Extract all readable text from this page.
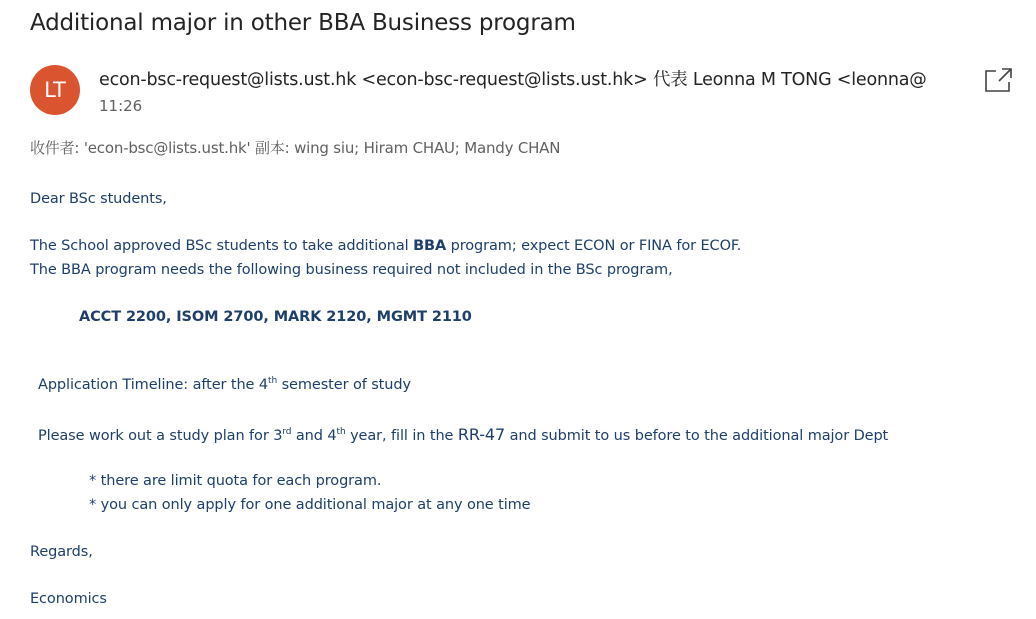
Additional major in other BBA Business program
LT econ-bsc-request@lists.ust.hk <econ-bsc-request@lists.ust.hk> 代表 Leonna M TONG <leonna@
11:26
收件者: 'econ-bsc@lists.ust.hk' 副本: wing siu; Hiram CHAU; Mandy CHAN
Dear BSc students,
The School approved BSc students to take additional BBA program; expect ECON or FINA for ECOF.
The BBA program needs the following business required not included in the BSc program,
ACCT 2200, ISOM 2700, MARK 2120, MGMT 2110
Application Timeline: after the 4th semester of study
Please work out a study plan for 3rd and 4th year, fill in the RR-47 and submit to us before to the additional major Dept
* there are limit quota for each program.
* you can only apply for one additional major at any one time
Regards,
Economics
